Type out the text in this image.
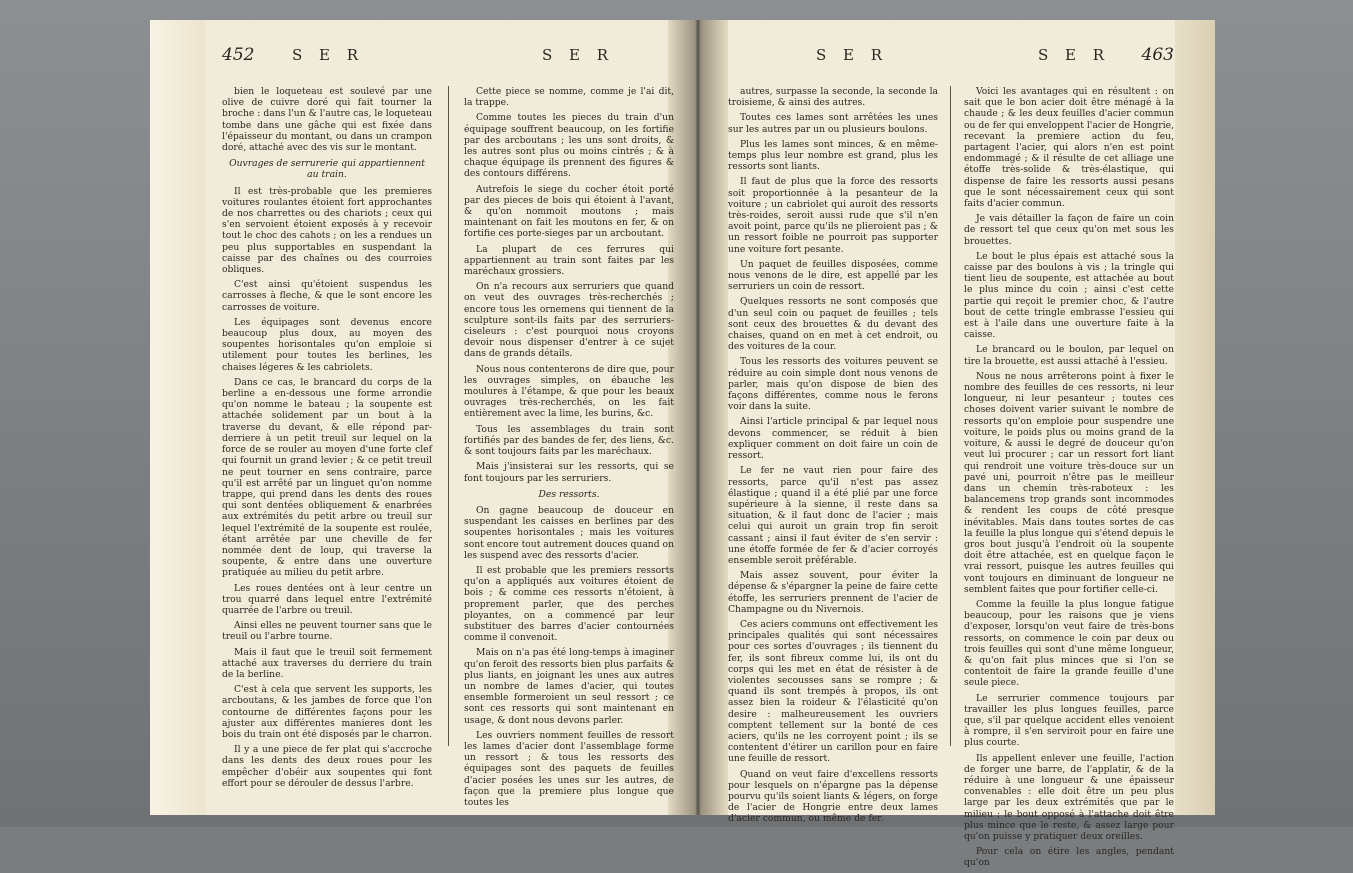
452	S E R	S E R

bien le loqueteau est soulevé par une olive de cuivre doré qui fait tourner la broche : dans l'un & l'autre cas, le loqueteau tombe dans une gâche qui est fixée dans l'épaisseur du montant, ou dans un crampon doré, attaché avec des vis sur le montant.

Ouvrages de serrurerie qui appartiennent au train.

Il est très-probable que les premieres voitures roulantes étoient fort approchantes de nos charrettes ou des chariots ; ceux qui s'en servoient étoient exposés à y recevoir tout le choc des cahots ; on les a rendues un peu plus supportables en suspendant la caisse par des chaînes ou des courroies obliques.

C'est ainsi qu'étoient suspendus les carrosses à fleche, & que le sont encore les carrosses de voiture.

Les équipages sont devenus encore beaucoup plus doux, au moyen des soupentes horisontales qu'on emploie si utilement pour toutes les berlines, les chaises légeres & les cabriolets.

Dans ce cas, le brancard du corps de la berline a en-dessous une forme arrondie qu'on nomme le bateau ; la soupente est attachée solidement par un bout à la traverse du devant, & elle répond par-derriere à un petit treuil sur lequel on la force de se rouler au moyen d'une forte clef qui fournit un grand levier ; & ce petit treuil ne peut tourner en sens contraire, parce qu'il est arrêté par un linguet qu'on nomme trappe, qui prend dans les dents des roues qui sont dentées obliquement & enarbrées aux extrémités du petit arbre ou treuil sur lequel l'extrémité de la soupente est roulée, étant arrêtée par une cheville de fer nommée dent de loup, qui traverse la soupente, & entre dans une ouverture pratiquée au milieu du petit arbre.

Les roues dentées ont à leur centre un trou quarré dans lequel entre l'extrémité quarrée de l'arbre ou treuil.

Ainsi elles ne peuvent tourner sans que le treuil ou l'arbre tourne.

Mais il faut que le treuil soit fermement attaché aux traverses du derriere du train de la berline.

C'est à cela que servent les supports, les arcboutans, & les jambes de force que l'on contourne de différentes façons pour les ajuster aux différentes manieres dont les bois du train ont été disposés par le charron.

Il y a une piece de fer plat qui s'accroche dans les dents des deux roues pour les empêcher d'obéir aux soupentes qui font effort pour se dérouler de dessus l'arbre.

Cette piece se nomme, comme je l'ai dit, la trappe.

Comme toutes les pieces du train d'un équipage souffrent beaucoup, on les fortifie par des arcboutans ; les uns sont droits, & les autres sont plus ou moins cintrés ; & à chaque équipage ils prennent des figures & des contours différens.

Autrefois le siege du cocher étoit porté par des pieces de bois qui étoient à l'avant, & qu'on nommoit moutons ; mais maintenant on fait les moutons en fer, & on fortifie ces porte-sieges par un arcboutant.

La plupart de ces ferrures qui appartiennent au train sont faites par les maréchaux grossiers.

On n'a recours aux serruriers que quand on veut des ouvrages très-recherchés ; encore tous les ornemens qui tiennent de la sculpture sont-ils faits par des serruriers-ciseleurs : c'est pourquoi nous croyons devoir nous dispenser d'entrer à ce sujet dans de grands détails.

Nous nous contenterons de dire que, pour les ouvrages simples, on ébauche les moulures à l'étampe, & que pour les beaux ouvrages très-recherchés, on les fait entièrement avec la lime, les burins, &c.

Tous les assemblages du train sont fortifiés par des bandes de fer, des liens, &c. & sont toujours faits par les maréchaux.

Mais j'insisterai sur les ressorts, qui se font toujours par les serruriers.

Des ressorts.

On gagne beaucoup de douceur en suspendant les caisses en berlines par des soupentes horisontales ; mais les voitures sont encore tout autrement douces quand on les suspend avec des ressorts d'acier.

Il est probable que les premiers ressorts qu'on a appliqués aux voitures étoient de bois ; & comme ces ressorts n'étoient, à proprement parler, que des perches ployantes, on a commencé par leur substituer des barres d'acier contournées comme il convenoit.

Mais on n'a pas été long-temps à imaginer qu'on feroit des ressorts bien plus parfaits & plus liants, en joignant les unes aux autres un nombre de lames d'acier, qui toutes ensemble formeroient un seul ressort ; ce sont ces ressorts qui sont maintenant en usage, & dont nous devons parler.

Les ouvriers nomment feuilles de ressort les lames d'acier dont l'assemblage forme un ressort ; & tous les ressorts des équipages sont des paquets de feuilles d'acier posées les unes sur les autres, de façon que la premiere plus longue que toutes les

S E R	S E R 463

autres, surpasse la seconde, la seconde la troisieme, & ainsi des autres.

Toutes ces lames sont arrêtées les unes sur les autres par un ou plusieurs boulons.

Plus les lames sont minces, & en même-temps plus leur nombre est grand, plus les ressorts sont liants.

Il faut de plus que la force des ressorts soit proportionnée à la pesanteur de la voiture ; un cabriolet qui auroit des ressorts très-roides, seroit aussi rude que s'il n'en avoit point, parce qu'ils ne plieroient pas ; & un ressort foible ne pourroit pas supporter une voiture fort pesante.

Un paquet de feuilles disposées, comme nous venons de le dire, est appellé par les serruriers un coin de ressort.

Quelques ressorts ne sont composés que d'un seul coin ou paquet de feuilles ; tels sont ceux des brouettes & du devant des chaises, quand on en met à cet endroit, ou des voitures de la cour.

Tous les ressorts des voitures peuvent se réduire au coin simple dont nous venons de parler, mais qu'on dispose de bien des façons différentes, comme nous le ferons voir dans la suite.

Ainsi l'article principal & par lequel nous devons commencer, se réduit à bien expliquer comment on doit faire un coin de ressort.

Le fer ne vaut rien pour faire des ressorts, parce qu'il n'est pas assez élastique ; quand il a été plié par une force supérieure à la sienne, il reste dans sa situation, & il faut donc de l'acier ; mais celui qui auroit un grain trop fin seroit cassant ; ainsi il faut éviter de s'en servir : une étoffe formée de fer & d'acier corroyés ensemble seroit préférable.

Mais assez souvent, pour éviter la dépense & s'épargner la peine de faire cette étoffe, les serruriers prennent de l'acier de Champagne ou du Nivernois.

Ces aciers communs ont effectivement les principales qualités qui sont nécessaires pour ces sortes d'ouvrages ; ils tiennent du fer, ils sont fibreux comme lui, ils ont du corps qui les met en état de résister à de violentes secousses sans se rompre ; & quand ils sont trempés à propos, ils ont assez bien la roideur & l'élasticité qu'on desire : malheureusement les ouvriers comptent tellement sur la bonté de ces aciers, qu'ils ne les corroyent point ; ils se contentent d'étirer un carillon pour en faire une feuille de ressort.

Quand on veut faire d'excellens ressorts pour lesquels on n'épargne pas la dépense pourvu qu'ils soient liants & légers, on forge de l'acier de Hongrie entre deux lames d'acier commun, ou même de fer.

Voici les avantages qui en résultent : on sait que le bon acier doit être ménagé à la chaude ; & les deux feuilles d'acier commun ou de fer qui enveloppent l'acier de Hongrie, recevant la premiere action du feu, partagent l'acier, qui alors n'en est point endommagé ; & il résulte de cet alliage une étoffe très-solide & très-élastique, qui dispense de faire les ressorts aussi pesans que le sont nécessairement ceux qui sont faits d'acier commun.

Je vais détailler la façon de faire un coin de ressort tel que ceux qu'on met sous les brouettes.

Le bout le plus épais est attaché sous la caisse par des boulons à vis ; la tringle qui tient lieu de soupente, est attachée au bout le plus mince du coin ; ainsi c'est cette partie qui reçoit le premier choc, & l'autre bout de cette tringle embrasse l'essieu qui est à l'aile dans une ouverture faite à la caisse.

Le brancard ou le boulon, par lequel on tire la brouette, est aussi attaché à l'essieu.

Nous ne nous arrêterons point à fixer le nombre des feuilles de ces ressorts, ni leur longueur, ni leur pesanteur ; toutes ces choses doivent varier suivant le nombre de ressorts qu'on emploie pour suspendre une voiture, le poids plus ou moins grand de la voiture, & aussi le degré de douceur qu'on veut lui procurer ; car un ressort fort liant qui rendroit une voiture très-douce sur un pavé uni, pourroit n'être pas le meilleur dans un chemin très-raboteux : les balancemens trop grands sont incommodes & rendent les coups de côté presque inévitables. Mais dans toutes sortes de cas la feuille la plus longue qui s'étend depuis le gros bout jusqu'à l'endroit où la soupente doit être attachée, est en quelque façon le vrai ressort, puisque les autres feuilles qui vont toujours en diminuant de longueur ne semblent faites que pour fortifier celle-ci.

Comme la feuille la plus longue fatigue beaucoup, pour les raisons que je viens d'exposer, lorsqu'on veut faire de très-bons ressorts, on commence le coin par deux ou trois feuilles qui sont d'une même longueur, & qu'on fait plus minces que si l'on se contentoit de faire la grande feuille d'une seule piece.

Le serrurier commence toujours par travailler les plus longues feuilles, parce que, s'il par quelque accident elles venoient à rompre, il s'en serviroit pour en faire une plus courte.

Ils appellent enlever une feuille, l'action de forger une barre, de l'applatir, & de la réduire à une longueur & une épaisseur convenables : elle doit être un peu plus large par les deux extrémités que par le milieu ; le bout opposé à l'attache doit être plus mince que le reste, & assez large pour qu'on puisse y pratiquer deux oreilles.

Pour cela on étire les angles, pendant qu'on
